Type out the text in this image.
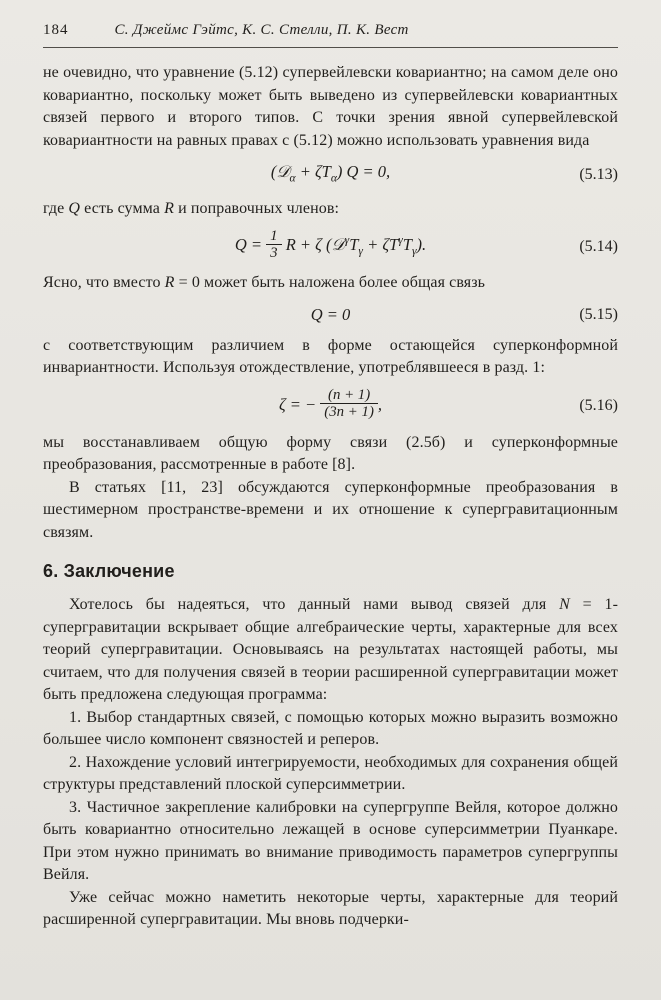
184	С. Джеймс Гэйтс, К. С. Стелли, П. К. Вест

не очевидно, что уравнение (5.12) супервейлевски ковариантно; на самом деле оно ковариантно, поскольку может быть выведено из супервейлевски ковариантных связей первого и второго типов. С точки зрения явной супервейлевской ковариантности на равных правах с (5.12) можно использовать уравнения вида

(𝒟$_\alpha$ + $\zeta T_\alpha$) Q = 0,	(5.13)

где Q есть сумма R и поправочных членов:

$Q = \frac{1}{3}$ R + ζ $(𝒟^\gamma T_\gamma + \zeta T^\gamma T_\gamma)$.	(5.14)

Ясно, что вместо R = 0 может быть наложена более общая связь

Q = 0	(5.15)

с соответствующим различием в форме остающейся суперконформной инвариантности. Используя отождествление, употреблявшееся в разд. 1:

ζ = − $\frac{(n + 1)}{(3n + 1)}$ ,	(5.16)

мы восстанавливаем общую форму связи (2.5б) и суперконформные преобразования, рассмотренные в работе [8].

В статьях [11, 23] обсуждаются суперконформные преобразования в шестимерном пространстве-времени и их отношение к супергравитационным связям.

6. Заключение

Хотелось бы надеяться, что данный нами вывод связей для N = 1-супергравитации вскрывает общие алгебраические черты, характерные для всех теорий супергравитации. Основываясь на результатах настоящей работы, мы считаем, что для получения связей в теории расширенной супергравитации может быть предложена следующая программа:

1. Выбор стандартных связей, с помощью которых можно выразить возможно большее число компонент связностей и реперов.

2. Нахождение условий интегрируемости, необходимых для сохранения общей структуры представлений плоской суперсимметрии.

3. Частичное закрепление калибровки на супергруппе Вейля, которое должно быть ковариантно относительно лежащей в основе суперсимметрии Пуанкаре. При этом нужно принимать во внимание приводимость параметров супергруппы Вейля.

Уже сейчас можно наметить некоторые черты, характерные для теорий расширенной супергравитации. Мы вновь подчерки-
